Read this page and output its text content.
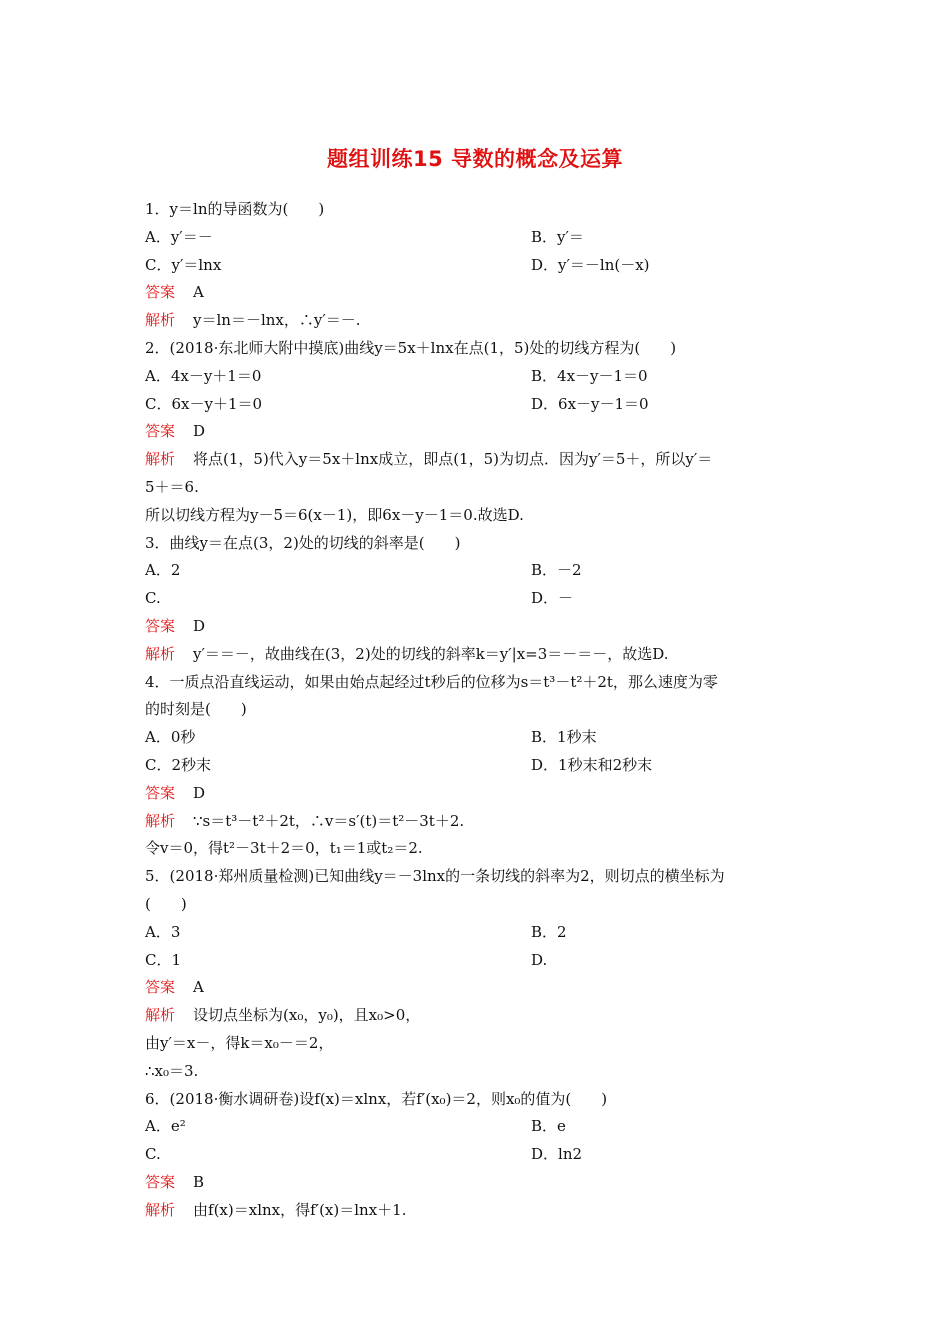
题组训练15 导数的概念及运算
1．y＝ln的导函数为(　　)
A．y′＝－	B．y′＝
C．y′＝lnx	D．y′＝－ln(－x)
答案 A
解析 y＝ln＝－lnx，∴y′＝－.
2．(2018·东北师大附中摸底)曲线y＝5x＋lnx在点(1，5)处的切线方程为(　　)
A．4x－y＋1＝0	B．4x－y－1＝0
C．6x－y＋1＝0	D．6x－y－1＝0
答案 D
解析 将点(1，5)代入y＝5x＋lnx成立，即点(1，5)为切点．因为y′＝5＋，所以y′＝
5＋＝6.
所以切线方程为y－5＝6(x－1)，即6x－y－1＝0.故选D.
3．曲线y＝在点(3，2)处的切线的斜率是(　　)
A．2	B．－2
C.	D．－
答案 D
解析 y′＝＝－，故曲线在(3，2)处的切线的斜率k＝y′|x=3＝－＝－，故选D.
4．一质点沿直线运动，如果由始点起经过t秒后的位移为s＝t³－t²＋2t，那么速度为零
的时刻是(　　)
A．0秒	B．1秒末
C．2秒末	D．1秒末和2秒末
答案 D
解析 ∵s＝t³－t²＋2t，∴v＝s′(t)＝t²－3t＋2.
令v＝0，得t²－3t＋2＝0，t₁＝1或t₂＝2.
5．(2018·郑州质量检测)已知曲线y＝－3lnx的一条切线的斜率为2，则切点的横坐标为
(　　)
A．3	B．2
C．1	D.
答案 A
解析 设切点坐标为(x₀，y₀)，且x₀>0，
由y′＝x－，得k＝x₀－＝2，
∴x₀＝3.
6．(2018·衡水调研卷)设f(x)＝xlnx，若f′(x₀)＝2，则x₀的值为(　　)
A．e²	B．e
C.	D．ln2
答案 B
解析 由f(x)＝xlnx，得f′(x)＝lnx＋1.
